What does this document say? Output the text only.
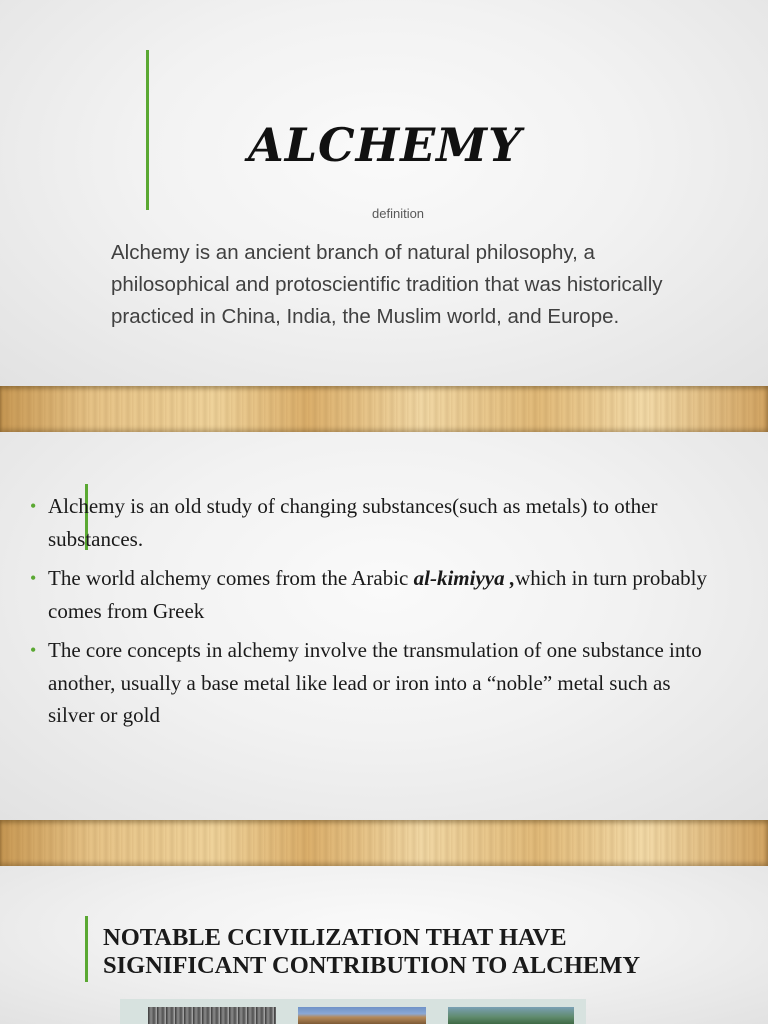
ALCHEMY
definition

Alchemy is an ancient branch of natural philosophy, a philosophical and protoscientific tradition that was historically practiced in China, India, the Muslim world, and Europe.

• Alchemy is an old study of changing substances(such as metals) to other substances.
• The world alchemy comes from the Arabic al-kimiyya ,which in turn probably comes from Greek
• The core concepts in alchemy involve the transmulation of one substance into another, usually a base metal like lead or iron into a “noble” metal such as silver or gold
NOTABLE CCIVILIZATION THAT HAVE SIGNIFICANT CONTRIBUTION TO ALCHEMY
